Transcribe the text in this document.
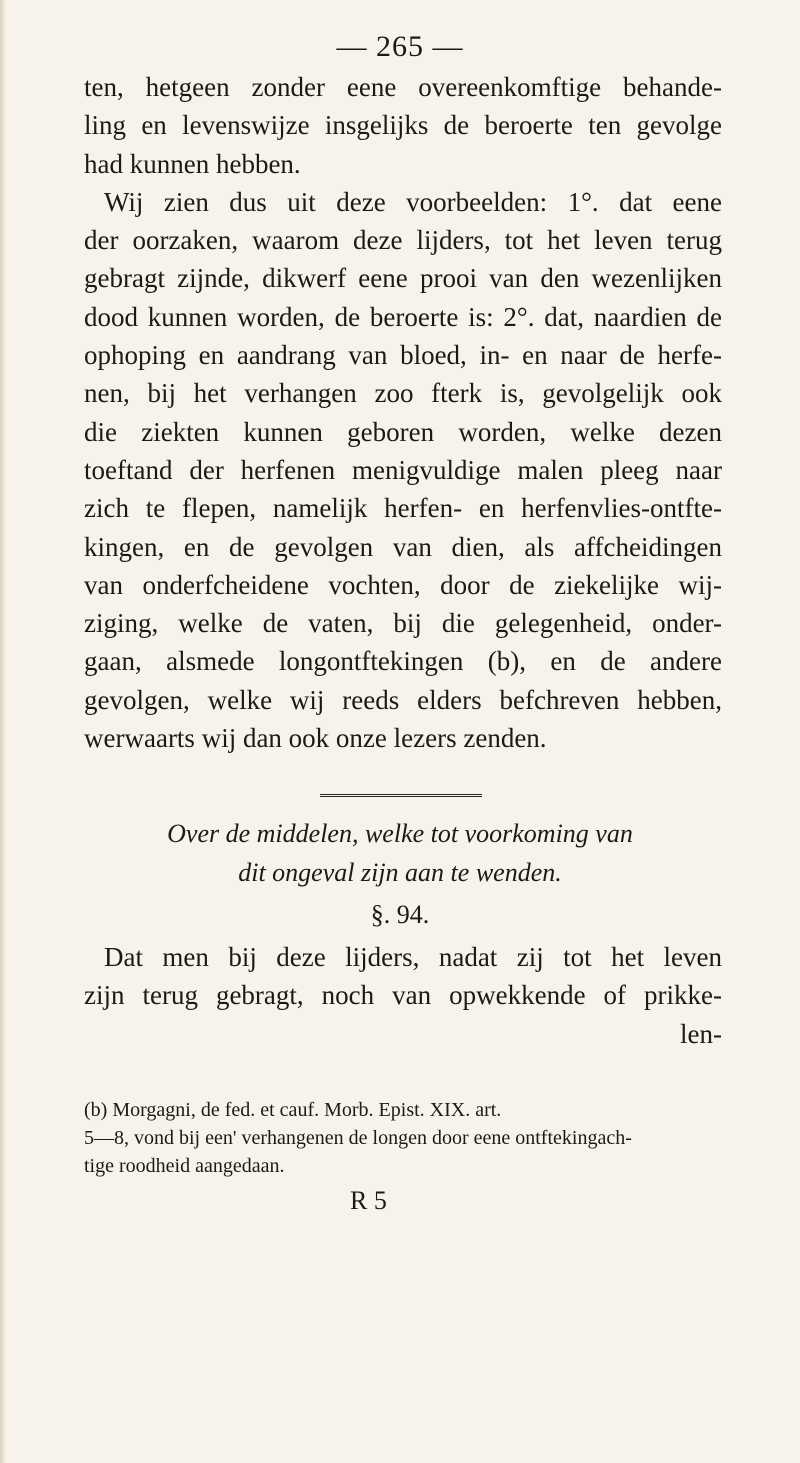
— 265 —
ten, hetgeen zonder eene overeenkomftige behande-
ling en levenswijze insgelijks de beroerte ten gevolge
had kunnen hebben.
Wij zien dus uit deze voorbeelden: 1°. dat eene
der oorzaken, waarom deze lijders, tot het leven terug
gebragt zijnde, dikwerf eene prooi van den wezenlijken
dood kunnen worden, de beroerte is: 2°. dat, naardien de
ophoping en aandrang van bloed, in- en naar de herfe-
nen, bij het verhangen zoo fterk is, gevolgelijk ook
die ziekten kunnen geboren worden, welke dezen
toeftand der herfenen menigvuldige malen pleeg naar
zich te flepen, namelijk herfen- en herfenvlies-ontfte-
kingen, en de gevolgen van dien, als affcheidingen
van onderfcheidene vochten, door de ziekelijke wij-
ziging, welke de vaten, bij die gelegenheid, onder-
gaan, alsmede longontftekingen (b), en de andere
gevolgen, welke wij reeds elders befchreven hebben,
werwaarts wij dan ook onze lezers zenden.
Over de middelen, welke tot voorkoming van
dit ongeval zijn aan te wenden.
§. 94.
Dat men bij deze lijders, nadat zij tot het leven
zijn terug gebragt, noch van opwekkende of prikke-
len-
(b) Morgagni, de fed. et cauf. Morb. Epist. XIX. art.
5—8, vond bij een' verhangenen de longen door eene ontftekingach-
tige roodheid aangedaan.
R 5
